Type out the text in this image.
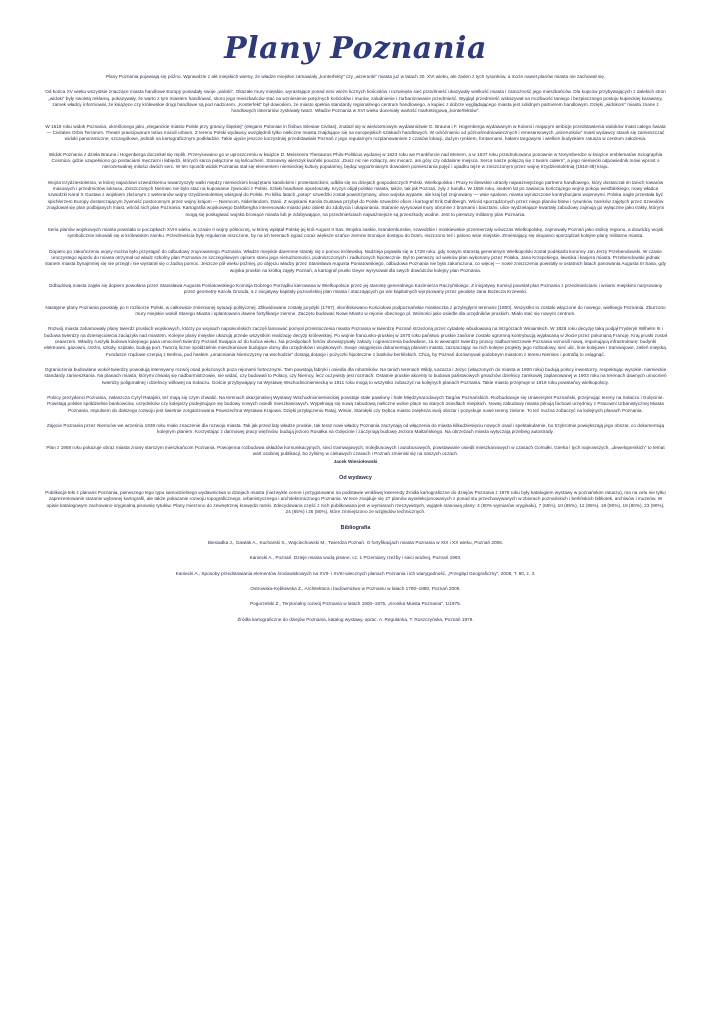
Plany Poznania

Plany Poznania pojawiają się późno. Wprawdzie z akt miejskich wiemy, że władze miejskie zamawiały „konterfekty” czy „wizerunki” miasta już w latach 30. XVI wieku, ale żaden z tych rysunków, a może nawet planów miasta nie zachował się.

Od końca XV wieku wszystkie znaczące miasta handlowe Europy posiadały swoje „widoki”. Okazałe mury miejskie, wyrastające ponad nimi wieże licznych kościołów i rozwinięta sieć przedmieść ukazywały wielkość miasta i zamożność jego mieszkańców. Dla kupców przybywających z dalekich stron „widoki” były swoistą reklamą, pokazywały, że warto z tym miastem handlować, skoro jego mieszkańców stać na wzniesienie potężnych kościołów i murów, zaludnienie i zurbanizowanie przedmieść. Wygląd przedmieść wskazywał na możliwość taniego i bezpiecznego postoju kupieckiej karawany, zamek władcy informował, że książęce czy królewskie drogi handlowe są pod nadzorem. „Konterfekt” był dowodem, że miasto spełnia standardy regionalnego centrum handlowego, a kupiec z dobrze wyglądającego miasta jest solidnym partnerem handlowym. Dzięki „widokom” miasta znane z handlowych itinerariów zyskiwały twarz. Władze Poznania w XVI wieku doceniały wartość marketingową „konterfektów”.

W 1618 roku widok Poznania, określonego jako „eleganckie miasto Polski przy granicy śląskiej” (elegans Poloniae in finibus Silesiae Civitas), znalazł się w wielotomowym wydawnictwie G. Brauna i F. Hogenberga wydawanym w Kolonii i mającym ambicje przedstawienia widoków miast całego świata — Civitates Orbis Terrarum. Theatri praecipuarum totius mundi urbium. Z terenu Polski wydawcy uwzględnili tylko nieliczne miasta znajdujące się na europejskich szlakach handlowych. W odróżnieniu od późnośredniowiecznych i renesansowych „wizerunków” miast wydawcy starali się zamieszczać widoki panoramiczne, szczegółowe, jednak na kartograficznym podkładzie. Takie ujęcie jeszcze korzystniej przedstawiało Poznań z jego regularnym rozplanowaniem z czasów lokacji, dużym rynkiem, fontannami, hałami targowymi i wielkim budynkiem ratusza w centrum założenia.

Widok Poznania z dzieła Brauna i Hogenberga doczekał się replik. Przerysowano go w uproszczeniu w książce D. Meissnera Thesaurus Philo-Politicus wydanej w 1623 roku we Frankfurcie nad Menem, a w 1637 roku przedrukowano ponownie w Norymberdze w książce emblematów Sciographia Cosmica, gdzie uzupełniono go postaciami męczarni i łabiędzi, których sarca połączone są łańcuchem. Stosowny wierszyk łaciński poucza: „Dusz nic nie rozłączy, ani mocarz, ani góry czy oddalone miejsca. Serca nasze połączą się z twoim ciałem”, a jego niemiecki odpowiednik mówi wprost o nierozerwalnej miłości dwóch serc. W ten sposób widok Poznania stał się elementem niemieckiej kultury popularnej, będąc wypomnianym dowodem pomieszania pojęć i upadku tejże w zniszczonym przez wojnę trzydziestoletnią (1618-48) kraju.

Wojna trzydziestoletnia, w której najazdowi szwedzkiemu towarzyszyły walki między niemieckimi książętami katolickimi i protestanckimi, odbiła się na dziejach gospodarczych Polski. Wielkopolska i Prusy Królewskie utraciły najważniejszego partnera handlowego, który dostarczał im tanich towarów masowych i przedmiotów luksusu. Zniszczonych Niemiec nie było stać na kupowanie żywności z Polski. Szlaki handlowe opustoszały. Kryzys objął polskie miasta, także, tak jak Poznań, żyły z handlu. W 1655 roku, siedem lat po zawarciu kończącego wojnę pokoju westfalskiego, nowy władca szwedzki Karol X Gustaw z wojskiem złożonym z weteranów wojny trzydziestoletniej wtargnął do Polski. Po kilku latach „potop” szwedzki został powstrzymany, obce wojska wyparte, ale kraj był zrujnowany — wsie spalone, miasta wyniszczone kontrybucjami wojennymi. Polska nagle przestała być spichlerzem Europy dostarczającym żywność postoronnym przez wojny krajom — Niemcom, Niderlandom, Danii. Z wojskami Karola Gustawa przybył do Polski szwedzki oficer i kartograf Erik Dahlbergh. Wśród sporządzonych przez niego planów bitew i rysunków zamków zajętych przez Szwedów znajdował się plan podbijanych miast, wśród nich plan Poznania. Kartografia wojskowego Dahlbergha interesowało miasto jako obiekt do zdobycia i ukaponania. Staranie wyrysował mury obronne z bramami i basztami, ulice wydzielające kwartały zabudowy zajmują go wyłącznie jako trakty, którymi mogą się posługiwać wojska broniące miasta lub je zdobywające, na przedmieściach najważniejsze są przeszkody wodne. Jest to pierwszy militarny plan Poznania.

Seria planów wojskowych miasta powstała w początkach XVIII wieku, w czasie II wojny północnej, w której wplątał Polskę jej król August II Sas. Wojska saskie, brandenburskie, szwedzkie i moskiewskie przemierzały wówczas Wielkopolskę, zajmowały Poznań jako stolicę regionu, a dowódcy wojsk symbolicznie lokowali się w królewskim zamku. Przedmieścia były regularnie niszczone, by na ich terenach sypać coraz większe szańce ziemne broniące dostępu do bram, niszczono też i palono wsie miejskie. Zmieniający się okupanci sporządzali kolejne plany militarne miasta.

Dopiero po zakończeniu wojny można było przystąpić do odbudowy zrujnowanego Poznania. Władze miejskie daremnie starały się o pomoc królewską. Nadzieja pojawiła się w 1728 roku, gdy nowym starostą generalnym Wielkopolski został podskarbi koronny Jan Jerzy Przebendowski. W czasie uroczystego wjazdu do miasta otrzymał od władz szkolny plan Poznania ze szczegółowym opisem stanu jego nieruchomości, podniszczonych i zadłużonych hipotecznie. Był to pierwszy od wieków plan wykonany przez Polaka, Jana Krzepckiego, ławnika i kasjera miasta. Przebendowski jednak stanem miasta bynajmniej się nie przejął i nie wystarał się o żadną pomoc. Jeszcze pół wieku później, po objęciu władzy przez Stanisława Augusta Poniatowskiego, odbudowa Poznania nie była zakończona, co więcej — nowe zniszczenia powstały w ostatnich latach panowania Augusta III Sasa, gdy wojska pruskie na krótką zajęły Poznań, a kartograf pruski Geyer wyrysował dla swych dowódców kolejny plan Poznania.

Odbudową miasta zajęła się dopiero powołana przez Stanisława Augusta Poniatowskiego Komisja Dobrego Porządku kierowana w Wielkopolsce przez jej starostę generalnego Kazimierza Raczyńskiego. Z inicjatywy Komisji powstał plan Poznania z przedmieściami i wsiami miejskimi narysowany przez geometrę Karola Grunda, a z inicjatywy kapituły poznańskiej plan miasta i otaczających go wsi kapitulnych wyrysowany przez geodetę Jana Bożecza Krzewski.

Następne plany Poznania powstały po II rozbiorze Polski, w całkowicie zmienionej sytuacji politycznej. Zlikwidowane zostały jurydyki (1797), skonfiskowano Kościołowi podpoznańskie miasteczka z przyległymi terenami (1800). Wszystko to zostało włączone do nowego, wielkiego Poznania. Zburzono mury miejskie wokół Starego Miasta i splantowano dawne fortyfikacje ziemne. Zaczęto budować Nowe Miasto w rejonie obecnego pl. Wolności jako osiedle dla urzędników pruskich. Miało stać się nowym centrum.

Rozwój miasta zahamowały plany twierdz pruskich wojskowych, którzy po wojnach napoleońskich zaczęli lansować pomysł przeistoczenia miasta Poznania w twierdzę Poznań strzeżoną przez cytadelę wbudowaną na Wzgórzach Winiarskich. W 1828 roku decyzję taką podjął Fryderyk Wilhelm III i budowa twierdzy na dziesięciolecia zaciążyła nad miastem. Kolejne plany miejskie ukazują przede wszystkim realizację decyzji królewskiej. Po wojnie francusko-pruskiej w 1870 roku państwo pruskie zasilone zostało ogromną kontrybucją wypłacaną w złocie przez pokonaną Francję. Kraj pruski został ceaarzem. Władzy ruszyła budowa kolejnego pasa umocnień twierdzy Poznań trwająca aż do końca wieku. Na przedpolach fortów obowiązywały zakazy i ograniczenia budowlane, za to wewnątrz twierdzy pruscy nadburmistrzowie Poznania wznosili nową, imponującą infrastrukturę: budynki elektrowni, gazowni, rzeźni, szkoły, szpitale, budują port. Tworzą liczne spółdzielnie mieszkaniowe budujące domy dla urzędników i wojskowych. Swoje osiągnięcia dokumentują planami miasta, zaznaczając na nich kolejne projekty jego rozbudowy, sieć ulic, linie kolejowe i tramwajowe, zieleń miejską. Fundusze rządowe czerpią z Berlina, pod hasłem „umacniania Niemczyzny na wschodzie” dostają dotacje i pożyczki hipoteczne z banków berlińskich. Chcą, by Poznań dorównywał podobnym miastom z terenu Niemiec i potrafią to osiągnąć.

Ograniczenia budowlane wokół twierdzy powodują intensywny rozwój osad położonych poza rejonami fortecznymi. Tam powstają fabryki i osiedla dla robotników. Na tanich terenach Wildy, Łazarza i Jeżyc (włączonych do miasta w 1900 roku) budują polscy inwestorzy, respektując wysokie, niemieckie standardy zamieszkania. Na planach miasta, którymi chwalą się nadburmistrzowie, nie widać, czy budowali to Polacy, czy Niemcy, lecz oczywisty jest rozmach. Ostatnie pruskie akcenty to budowa państwowych gmachów dzielnicy zamkowej zaplanowanej w 1903 roku na terenach dawnych umocnień twierdzy poligonalnej i dzielnicy willowej na Sołaczu. Goście przybywający na Wystawę Wschodnioniemiecką w 1911 roku mogą to wszystko zobaczyć na kolejnych planach Poznania. Takie miasto przejmuje w 1918 roku powstańcy wielkopolscy.

Polscy prezydenci Poznania, zwłaszcza Cyryl Ratajski, też mają się czym chwalić. Na terenach okazjonalnej Wystawy Wschodnioniemieckiej powstaje stałe pawilony i hale Międzynarodowych Targów Poznańskich. Rozbudowuje się Uniwersytet Poznański, przejmując tereny na Sołaczu i Golęcinie. Powstają polskie spółdzielnie bankowców, urzędników czy kolejarzy podejmujące się budowy nowych osiedli mieszkaniowych. Wypełniają się nową zabudową nieliczne wolne place na starych osiedlach miejskich. Nowej zabudowy miasta pilnują fachowi urzędnicy z Pracowni Urbanistycznej Miasta Poznania. Impulsem do dalszego rozwoju jest świetnie zorganizowana Powszechna Wystawa Krajowa. Dzięki przyłączeniu Rataj, Winiar, Starołęki czy Dębca miasto zwiększa swój obszar i pozyskuje nowe tereny zielone. To też można zobaczyć na kolejnych planach Poznania.

Zajęcie Poznania przez Niemców we wrześniu 1939 roku miało znaczenie dla rozwoju miasta. Tak jak przed laty władze pruskie, tak teraz nowi władcy Poznania zaczynają od włączenia do miasta kilkudziesięciu nowych osad i spektakularnie, bo trzykrotnie powiększają jego obszar, co dokumentują kolejnym planem. Korzystając z darmowej pracy więźniów, budują jezioro Rusałka na Golęcinie i zaczynają budowę Jeziora Maltańskiego. Na obrzeżach miasta wytyczają przebieg autostrady.

Plan z 1958 roku pokazuje obraz miasta znany starszym mieszkańcom Poznania. Powojenna rozbudowa układów komunikacyjnych, sieci tramwajowych, trolejbusowych i autobusowych, powstawanie osiedli mieszkaniowych w czasach Gomułki, Gierka i tych najnowszych, „deweloperskich” to temat wart osobnej publikacji, bo żyliśmy w ciekawych czasach i Poznań zmieniał się na naszych oczach.

Jacek Wiesiołowski

Od wydawcy

Publikacja teki z planami Poznania, pierwszego tego typu samodzielnego wydawnictwa w dziejach miasta (niezwykle cenne i przygotowane na podstawie wnikliwej kwerendy Źródła kartograficzne do dziejów Poznania z 1978 roku były katalogiem wystawy w poznańskim ratuszu), ma na celu nie tylko zaprezentowanie staranie wybranej kartografii, ale także pokazanie rozwoju topograficznego, urbanistycznego i architektonicznego Poznania. W tece znajduje się 27 planów wyselekcjonowanych z ponad stu przechowywanych w zbiorach poznańskich i berlińskich bibliotek, archiwów i muzeów. W opisie katalogowym zachowano oryginalną pisownię tytułów. Plany mierzono do zewnętrznej krawędzi ramki. Zdecydowana część z nich publikowana jest w wymiarach rzeczywistych, wyjątek stanowią plany: 4 (90% wymiarów oryginału), 7 (65%), 10 (85%), 12 (95%), 18 (80%), 19 (80%), 23 (90%), 24 (85%) i 26 (80%), które zmniejszono ze względów technicznych.

Bibliografia

Biesiadka J., Gawlak A., Kucharski S., Wojciechowski M., Twierdza Poznań. O fortyfikacjach miasta Poznania w XIX i XX wieku, Poznań 2006.

Kaniecki A., Poznań. Dzieje miasta wodą pisane, cz. 1 Przemiany rzeźby i sieci wodnej, Poznań 1993.

Kaniecki A., Sposoby przedstawiania elementów środowiskowych na XVII- i XVIII-wiecznych planach Poznania i ich wiarygodność, „Przegląd Geograficzny”, 2008, T. 80, z. 3.

Ostrowska-Kębłowska Z., Architektura i budownictwo w Poznaniu w latach 1780–1880, Poznań 2009.

Pogorzelski Z., Terytorialny rozwój Poznania w latach 1900–1975, „Kronika Miasta Poznania”, 1/1975.

Źródła kartograficzne do dziejów Poznania, katalog wystawy, oprac. A. Regulanka, T. Ruszczyńska, Poznań 1978.
